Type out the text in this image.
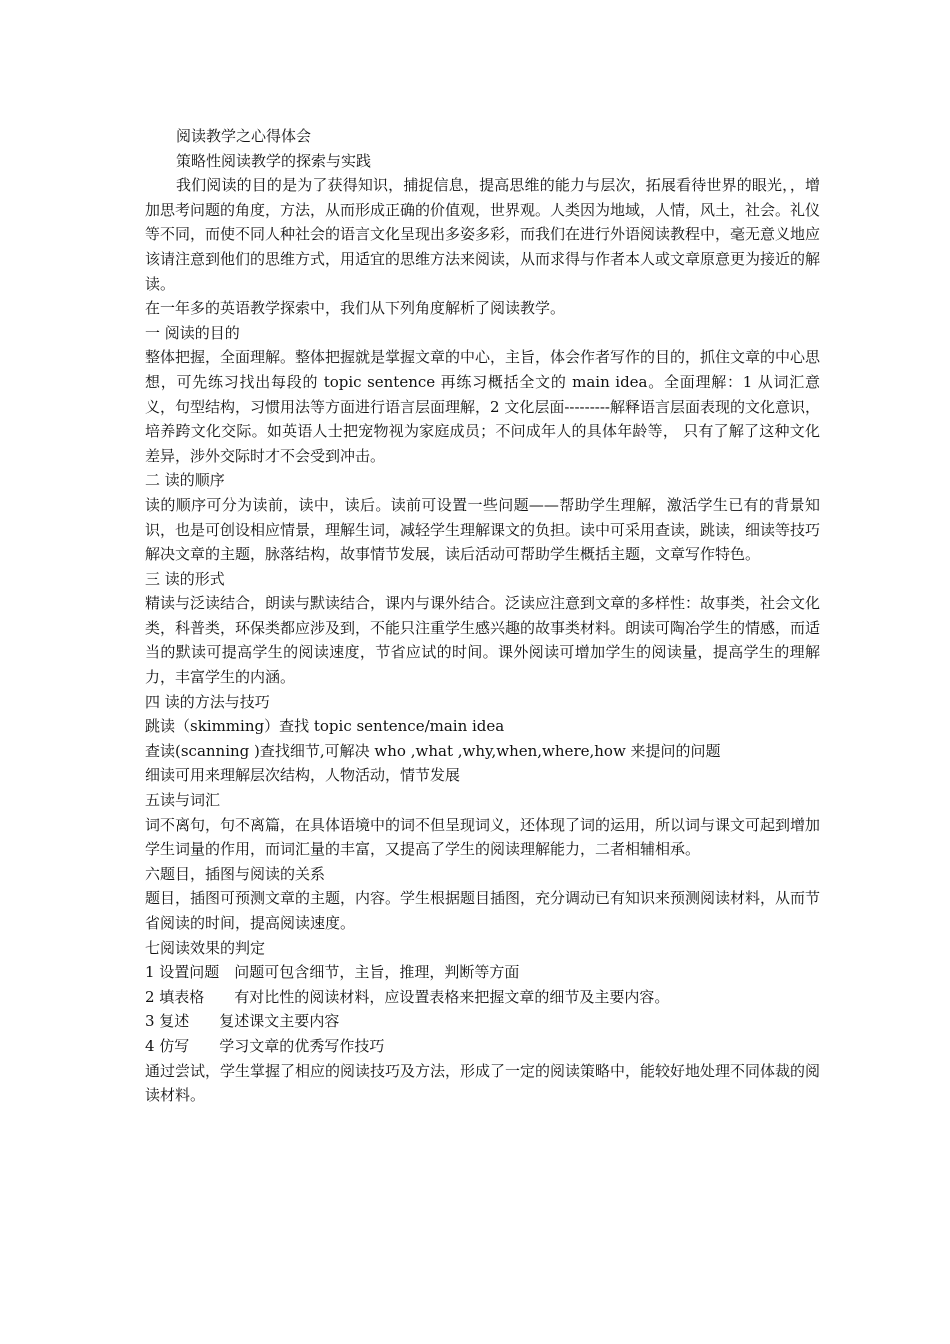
阅读教学之心得体会

策略性阅读教学的探索与实践

我们阅读的目的是为了获得知识，捕捉信息，提高思维的能力与层次，拓展看待世界的眼光，，增加思考问题的角度，方法，从而形成正确的价值观，世界观。人类因为地域，人情，风土，社会。礼仪等不同，而使不同人种社会的语言文化呈现出多姿多彩，而我们在进行外语阅读教程中，毫无意义地应该请注意到他们的思维方式，用适宜的思维方法来阅读，从而求得与作者本人或文章原意更为接近的解读。

在一年多的英语教学探索中，我们从下列角度解析了阅读教学。

一 阅读的目的

整体把握，全面理解。整体把握就是掌握文章的中心，主旨，体会作者写作的目的，抓住文章的中心思想，可先练习找出每段的 topic sentence 再练习概括全文的 main idea。全面理解：1 从词汇意义，句型结构，习惯用法等方面进行语言层面理解，2 文化层面---------解释语言层面表现的文化意识，培养跨文化交际。如英语人士把宠物视为家庭成员；不问成年人的具体年龄等， 只有了解了这种文化差异，涉外交际时才不会受到冲击。

二 读的顺序

读的顺序可分为读前，读中，读后。读前可设置一些问题——帮助学生理解，激活学生已有的背景知识，也是可创设相应情景，理解生词，减轻学生理解课文的负担。读中可采用查读，跳读，细读等技巧解决文章的主题，脉落结构，故事情节发展，读后活动可帮助学生概括主题，文章写作特色。

三 读的形式

精读与泛读结合，朗读与默读结合，课内与课外结合。泛读应注意到文章的多样性：故事类，社会文化类，科普类，环保类都应涉及到，不能只注重学生感兴趣的故事类材料。朗读可陶冶学生的情感，而适当的默读可提高学生的阅读速度，节省应试的时间。课外阅读可增加学生的阅读量，提高学生的理解力，丰富学生的内涵。

四 读的方法与技巧

跳读（skimming）查找 topic sentence/main idea

查读(scanning )查找细节,可解决 who ,what ,why,when,where,how 来提问的问题

细读可用来理解层次结构，人物活动，情节发展

五读与词汇

词不离句，句不离篇，在具体语境中的词不但呈现词义，还体现了词的运用，所以词与课文可起到增加学生词量的作用，而词汇量的丰富，又提高了学生的阅读理解能力，二者相辅相承。

六题目，插图与阅读的关系

题目，插图可预测文章的主题，内容。学生根据题目插图，充分调动已有知识来预测阅读材料，从而节省阅读的时间，提高阅读速度。

七阅读效果的判定

1 设置问题　问题可包含细节，主旨，推理，判断等方面

2 填表格　　有对比性的阅读材料，应设置表格来把握文章的细节及主要内容。

3 复述　　复述课文主要内容

4 仿写　　学习文章的优秀写作技巧

通过尝试，学生掌握了相应的阅读技巧及方法，形成了一定的阅读策略中，能较好地处理不同体裁的阅读材料。
